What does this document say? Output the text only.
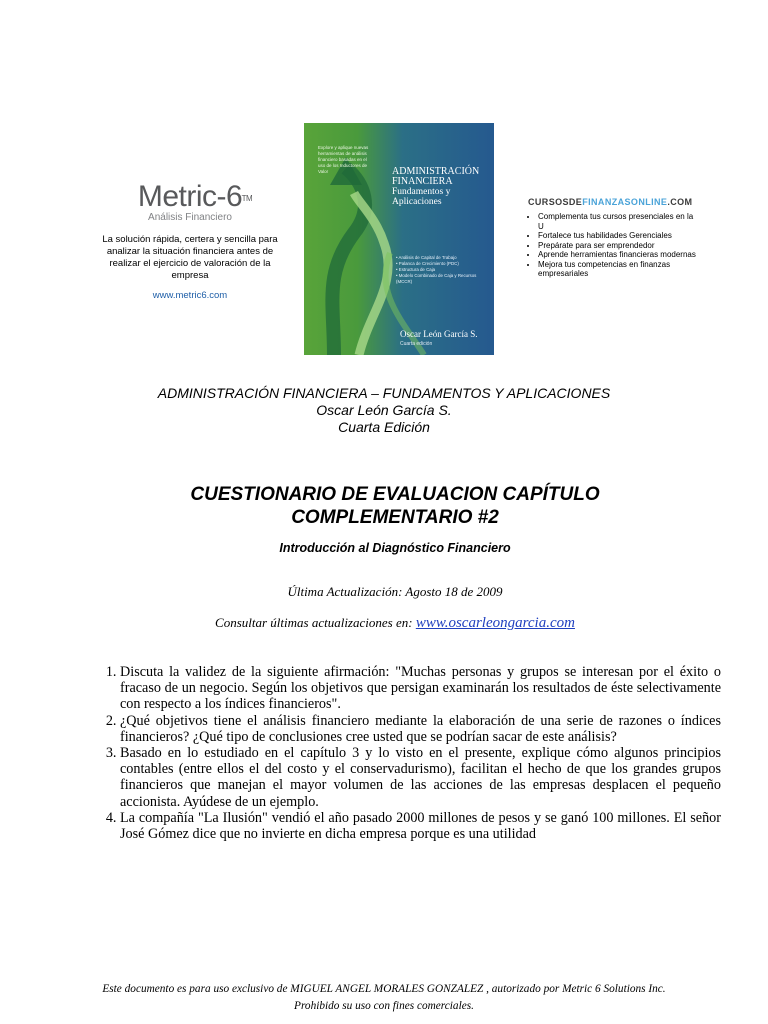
Metric-6 TM
Análisis Financiero
La solución rápida, certera y sencilla para analizar la situación financiera antes de realizar el ejercicio de valoración de la empresa
www.metric6.com
Explore y aplique nuevas herramientas de análisis financiero basadas en el uso de los Inductores de Valor	ADMINISTRACIÓN FINANCIERA
Fundamentos y Aplicaciones
• Análisis de Capital de Trabajo
• Palanca de Crecimiento (PDC)
• Estructura de Caja
• Modelo Combinado de Caja y Recursos (MCCR)
Oscar León García S.
Cuarta edición
CURSOSDEFINANZASONLINE.COM
• Complementa tus cursos presenciales en la U
• Fortalece tus habilidades Gerenciales
• Prepárate para ser emprendedor
• Aprende herramientas financieras modernas
• Mejora tus competencias en finanzas empresariales
ADMINISTRACIÓN FINANCIERA – FUNDAMENTOS Y APLICACIONES
Oscar León García S.
Cuarta Edición
CUESTIONARIO DE EVALUACION CAPÍTULO
COMPLEMENTARIO #2
Introducción al Diagnóstico Financiero
Última Actualización: Agosto 18 de 2009
Consultar últimas actualizaciones en: www.oscarleongarcia.com
1. Discuta la validez de la siguiente afirmación: "Muchas personas y grupos se interesan por el éxito o fracaso de un negocio. Según los objetivos que persigan examinarán los resultados de éste selectivamente con respecto a los índices financieros".
2. ¿Qué objetivos tiene el análisis financiero mediante la elaboración de una serie de razones o índices financieros? ¿Qué tipo de conclusiones cree usted que se podrían sacar de este análisis?
3. Basado en lo estudiado en el capítulo 3 y lo visto en el presente, explique cómo algunos principios contables (entre ellos el del costo y el conservadurismo), facilitan el hecho de que los grandes grupos financieros que manejan el mayor volumen de las acciones de las empresas desplacen el pequeño accionista. Ayúdese de un ejemplo.
4. La compañía "La Ilusión" vendió el año pasado 2000 millones de pesos y se ganó 100 millones. El señor José Gómez dice que no invierte en dicha empresa porque es una utilidad
Este documento es para uso exclusivo de MIGUEL ANGEL MORALES GONZALEZ , autorizado por Metric 6 Solutions Inc.
Prohibido su uso con fines comerciales.
